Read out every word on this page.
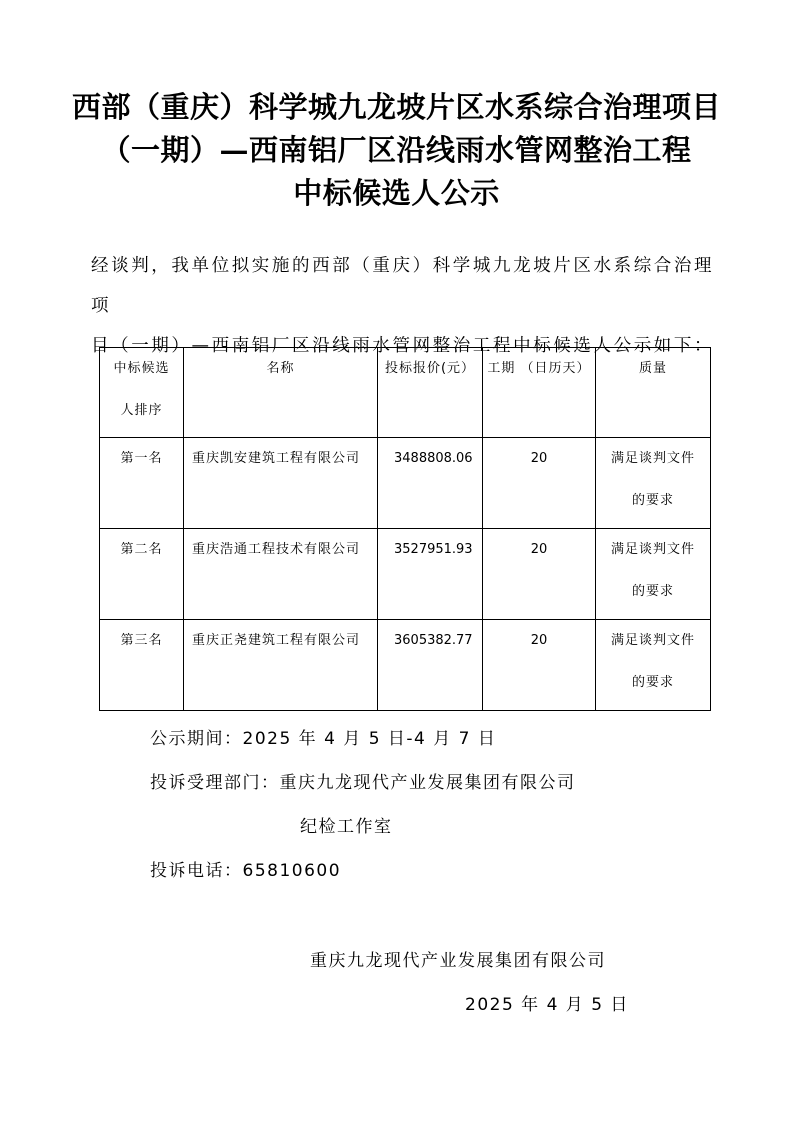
西部（重庆）科学城九龙坡片区水系综合治理项目
（一期）—西南铝厂区沿线雨水管网整治工程
中标候选人公示
经谈判，我单位拟实施的西部（重庆）科学城九龙坡片区水系综合治理项
目（一期）—西南铝厂区沿线雨水管网整治工程中标候选人公示如下：
中标候选
人排序	名称	投标报价(元）	工期 （日历天）	质量
第一名	重庆凯安建筑工程有限公司	3488808.06	20	满足谈判文件
的要求

第二名	重庆浩通工程技术有限公司	3527951.93	20	满足谈判文件
的要求

第三名	重庆正尧建筑工程有限公司	3605382.77	20	满足谈判文件
的要求
公示期间：2025 年 4 月 5 日-4 月 7 日
投诉受理部门：重庆九龙现代产业发展集团有限公司
纪检工作室
投诉电话：65810600
重庆九龙现代产业发展集团有限公司
2025 年 4 月 5 日
